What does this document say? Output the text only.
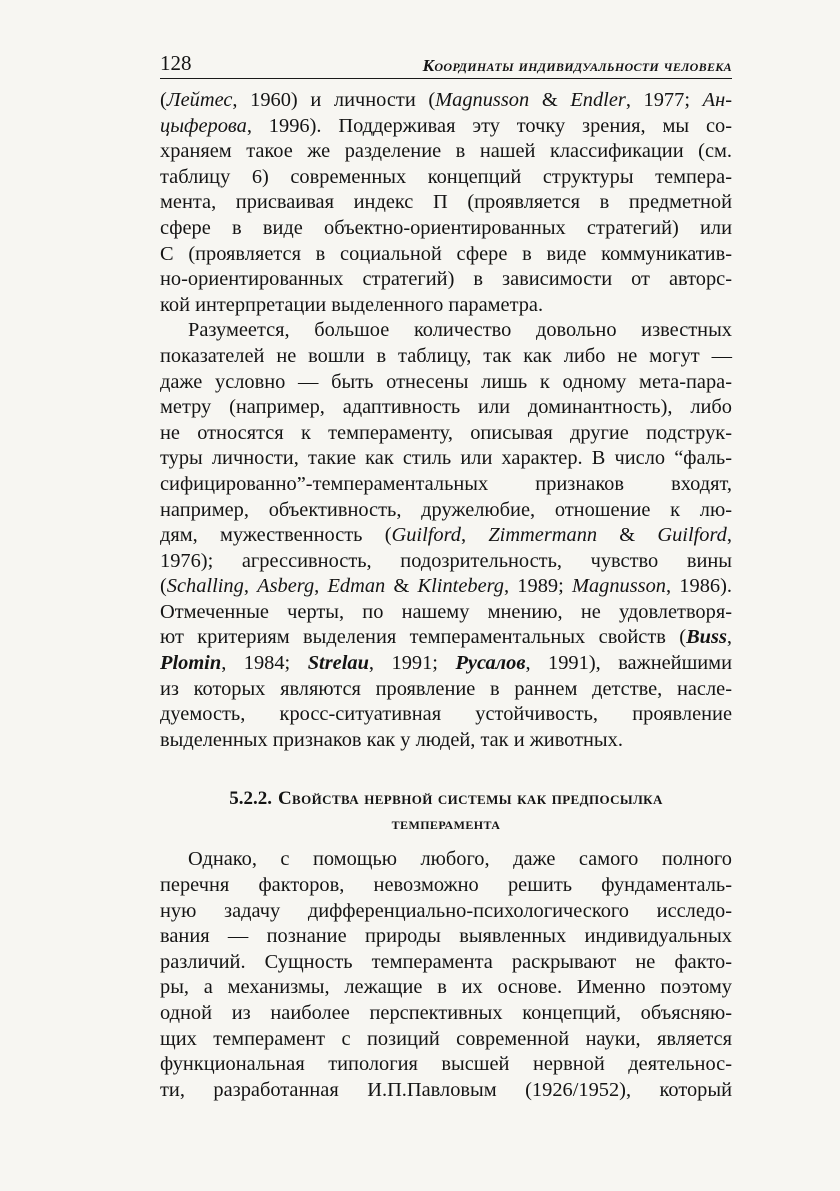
128	Координаты индивидуальности человека

(Лейтес, 1960) и личности (Magnusson & Endler, 1977; Ан-
цыферова, 1996). Поддерживая эту точку зрения, мы со-
храняем такое же разделение в нашей классификации (см.
таблицу 6) современных концепций структуры темпера-
мента, присваивая индекс П (проявляется в предметной
сфере в виде объектно-ориентированных стратегий) или
С (проявляется в социальной сфере в виде коммуникатив-
но-ориентированных стратегий) в зависимости от авторс-
кой интерпретации выделенного параметра.

Разумеется, большое количество довольно известных
показателей не вошли в таблицу, так как либо не могут —
даже условно — быть отнесены лишь к одному мета-пара-
метру (например, адаптивность или доминантность), либо
не относятся к темпераменту, описывая другие подструк-
туры личности, такие как стиль или характер. В число “фаль-
сифицированно”-темпераментальных признаков входят,
например, объективность, дружелюбие, отношение к лю-
дям, мужественность (Guilford, Zimmermann & Guilford,
1976); агрессивность, подозрительность, чувство вины
(Schalling, Asberg, Edman & Klinteberg, 1989; Magnusson, 1986).
Отмеченные черты, по нашему мнению, не удовлетворя-
ют критериям выделения темпераментальных свойств (Buss,
Plomin, 1984; Strelau, 1991; Русалов, 1991), важнейшими
из которых являются проявление в раннем детстве, насле-
дуемость, кросс-ситуативная устойчивость, проявление
выделенных признаков как у людей, так и животных.

5.2.2. Свойства нервной системы как предпосылка
темперамента

Однако, с помощью любого, даже самого полного
перечня факторов, невозможно решить фундаменталь-
ную задачу дифференциально-психологического исследо-
вания — познание природы выявленных индивидуальных
различий. Сущность темперамента раскрывают не факто-
ры, а механизмы, лежащие в их основе. Именно поэтому
одной из наиболее перспективных концепций, объясняю-
щих темперамент с позиций современной науки, является
функциональная типология высшей нервной деятельнос-
ти, разработанная И.П.Павловым (1926/1952), который
